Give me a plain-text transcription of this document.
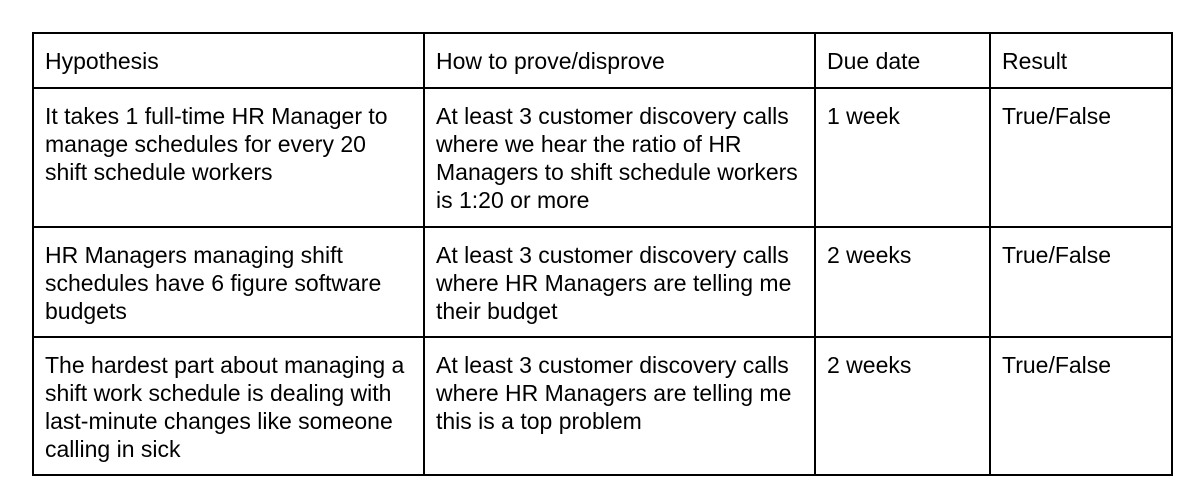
Hypothesis	How to prove/disprove	Due date	Result
It takes 1 full-time HR Manager to manage schedules for every 20 shift schedule workers	At least 3 customer discovery calls where we hear the ratio of HR Managers to shift schedule workers is 1:20 or more	1 week	True/False
HR Managers managing shift schedules have 6 figure software budgets	At least 3 customer discovery calls where HR Managers are telling me their budget	2 weeks	True/False
The hardest part about managing a shift work schedule is dealing with last-minute changes like someone calling in sick	At least 3 customer discovery calls where HR Managers are telling me this is a top problem	2 weeks	True/False
